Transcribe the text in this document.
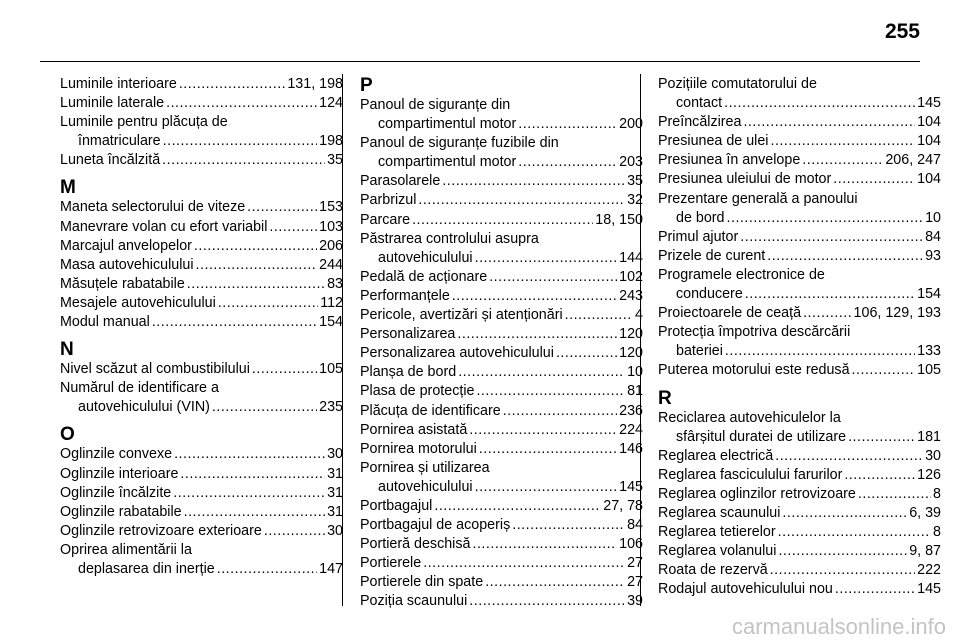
255
Luminile interioare .....	131, 198
Luminile laterale .....	124
Luminile pentru plăcuța de
înmatriculare .....	198
Luneta încălzită .....	35
M
Maneta selectorului de viteze .....	153
Manevrare volan cu efort variabil .....	103
Marcajul anvelopelor .....	206
Masa autovehiculului .....	244
Măsuțele rabatabile .....	83
Mesajele autovehiculului .....	112
Modul manual .....	154
N
Nivel scăzut al combustibilului .....	105
Numărul de identificare a
autovehiculului (VIN) .....	235
O
Oglinzile convexe .....	30
Oglinzile interioare .....	31
Oglinzile încălzite .....	31
Oglinzile rabatabile .....	31
Oglinzile retrovizoare exterioare .....	30
Oprirea alimentării la
deplasarea din inerție .....	147
P
Panoul de siguranțe din
compartimentul motor .....	200
Panoul de siguranțe fuzibile din
compartimentul motor .....	203
Parasolarele .....	35
Parbrizul .....	32
Parcare .....	18, 150
Păstrarea controlului asupra
autovehiculului .....	144
Pedală de acționare .....	102
Performanțele .....	243
Pericole, avertizări și atenționări .....	4
Personalizarea .....	120
Personalizarea autovehiculului .....	120
Planșa de bord .....	10
Plasa de protecție .....	81
Plăcuța de identificare .....	236
Pornirea asistată .....	224
Pornirea motorului .....	146
Pornirea și utilizarea
autovehiculului .....	145
Portbagajul .....	27, 78
Portbagajul de acoperiș .....	84
Portieră deschisă .....	106
Portierele .....	27
Portierele din spate .....	27
Poziția scaunului .....	39
Pozițiile comutatorului de
contact .....	145
Preîncălzirea .....	104
Presiunea de ulei .....	104
Presiunea în anvelope .....	206, 247
Presiunea uleiului de motor .....	104
Prezentare generală a panoului
de bord .....	10
Primul ajutor .....	84
Prizele de curent .....	93
Programele electronice de
conducere .....	154
Proiectoarele de ceață .....	106, 129, 193
Protecția împotriva descărcării
bateriei .....	133
Puterea motorului este redusă .....	105
R
Reciclarea autovehiculelor la
sfârșitul duratei de utilizare .....	181
Reglarea electrică .....	30
Reglarea fasciculului farurilor .....	126
Reglarea oglinzilor retrovizoare .....	8
Reglarea scaunului .....	6, 39
Reglarea tetierelor .....	8
Reglarea volanului .....	9, 87
Roata de rezervă .....	222
Rodajul autovehiculului nou .....	145
carmanualsonline.info
